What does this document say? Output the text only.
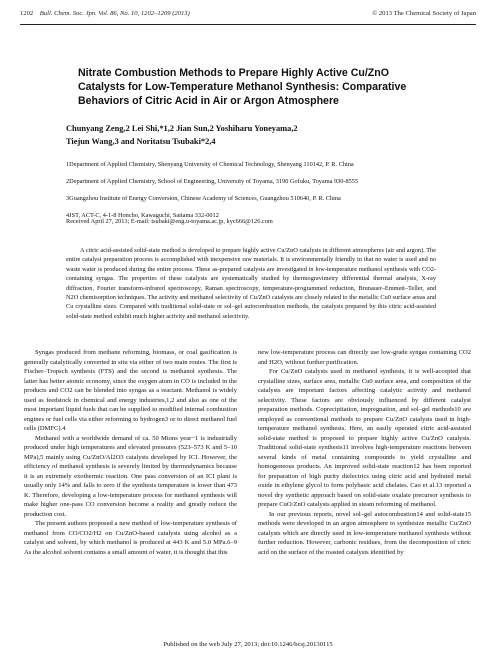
1202 Bull. Chem. Soc. Jpn. Vol. 86, No. 10, 1202–1209 (2013)	© 2013 The Chemical Society of Japan
Nitrate Combustion Methods to Prepare Highly Active Cu/ZnO Catalysts for Low-Temperature Methanol Synthesis: Comparative Behaviors of Citric Acid in Air or Argon Atmosphere
Chunyang Zeng,2 Lei Shi,*1,2 Jian Sun,2 Yoshiharu Yoneyama,2
Tiejun Wang,3 and Noritatsu Tsubaki*2,4
1Department of Applied Chemistry, Shenyang University of Chemical Technology, Shenyang 110142, P. R. China
2Department of Applied Chemistry, School of Engineering, University of Toyama, 3190 Gofuku, Toyama 930-8555
3Guangzhou Institute of Energy Conversion, Chinese Academy of Sciences, Guangzhou 510640, P. R. China
4JST, ACT-C, 4-1-8 Honcho, Kawaguchi, Saitama 332-0012
Received April 27, 2013; E-mail: tsubaki@eng.u-toyama.ac.jp, kyc666@126.com

A citric acid-assisted solid-state method is developed to prepare highly active Cu/ZnO catalysts in different atmospheres (air and argon). The entire catalyst preparation process is accomplished with inexpensive raw materials. It is environmentally friendly in that no water is used and no waste water is produced during the entire process. These as-prepared catalysts are investigated in low-temperature methanol synthesis with CO2-containing syngas. The properties of these catalysts are systematically studied by thermogravimetry differential thermal analysis, X-ray diffraction, Fourier transform-infrared spectroscopy, Raman spectroscopy, temperature-programmed reduction, Brunauer–Emmett–Teller, and N2O chemisorption techniques. The activity and methanol selectivity of Cu/ZnO catalysts are closely related to the metallic Cu0 surface areas and Cu crystalline sizes. Compared with traditional solid-state or sol–gel autocombustion methods, the catalysts prepared by this citric acid-assisted solid-state method exhibit much higher activity and methanol selectivity.

Syngas produced from methane reforming, biomass, or coal gasification is generally catalytically converted in situ via either of two main routes. The first is Fischer–Tropsch synthesis (FTS) and the second is methanol synthesis. The latter has better atomic economy, since the oxygen atom in CO is included in the products and CO2 can be blended into syngas as a reactant. Methanol is widely used as feedstock in chemical and energy industries,1,2 and also as one of the most important liquid fuels that can be supplied to modified internal combustion engines or fuel cells via either reforming to hydrogen3 or to direct methanol fuel cells (DMFC).4

Methanol with a worldwide demand of ca. 50 Mtons year−1 is industrially produced under high temperatures and elevated pressures (523–573 K and 5–10 MPa),5 mainly using Cu/ZnO/Al2O3 catalysts developed by ICI. However, the efficiency of methanol synthesis is severely limited by thermodynamics because it is an extremely exothermic reaction. One pass conversion of an ICI plant is usually only 14% and falls to zero if the synthesis temperature is lower than 473 K. Therefore, developing a low-temperature process for methanol synthesis will make higher one-pass CO conversion become a reality and greatly reduce the production cost.

The present authors proposed a new method of low-temperature synthesis of methanol from CO/CO2/H2 on Cu/ZnO-based catalysts using alcohol as a catalyst and solvent, by which methanol is produced at 443 K and 5.0 MPa.6–9 As the alcohol solvent contains a small amount of water, it is thought that this

new low-temperature process can directly use low-grade syngas containing CO2 and H2O, without further purification.

For Cu/ZnO catalysts used in methanol synthesis, it is well-accepted that crystalline sizes, surface area, metallic Cu0 surface area, and composition of the catalysts are important factors affecting catalytic activity and methanol selectivity. These factors are obviously influenced by different catalyst preparation methods. Coprecipitation, impregnation, and sol–gel methods10 are employed as conventional methods to prepare Cu/ZnO catalysts used in high-temperature methanol synthesis. Here, an easily operated citric acid-assisted solid-state method is proposed to prepare highly active Cu/ZnO catalysts. Traditional solid-state synthesis11 involves high-temperature reactions between several kinds of metal containing compounds to yield crystalline and homogeneous products. An improved solid-state reaction12 has been reported for preparation of high purity dielectrics using citric acid and hydrated metal oxide in ethylene glycol to form polybasic acid chelates. Cao et al.13 reported a novel dry synthetic approach based on solid-state oxalate precursor synthesis to prepare CuO/ZnO catalysts applied in steam reforming of methanol.

In our previous reports, novel sol–gel autocombustion14 and solid-state15 methods were developed in an argon atmosphere to synthesize metallic Cu/ZnO catalysts which are directly used in low-temperature methanol synthesis without further reduction. However, carbonic residues, from the decomposition of citric acid on the surface of the roasted catalysts identified by

Published on the web July 27, 2013; doi:10.1246/bcsj.20130115
